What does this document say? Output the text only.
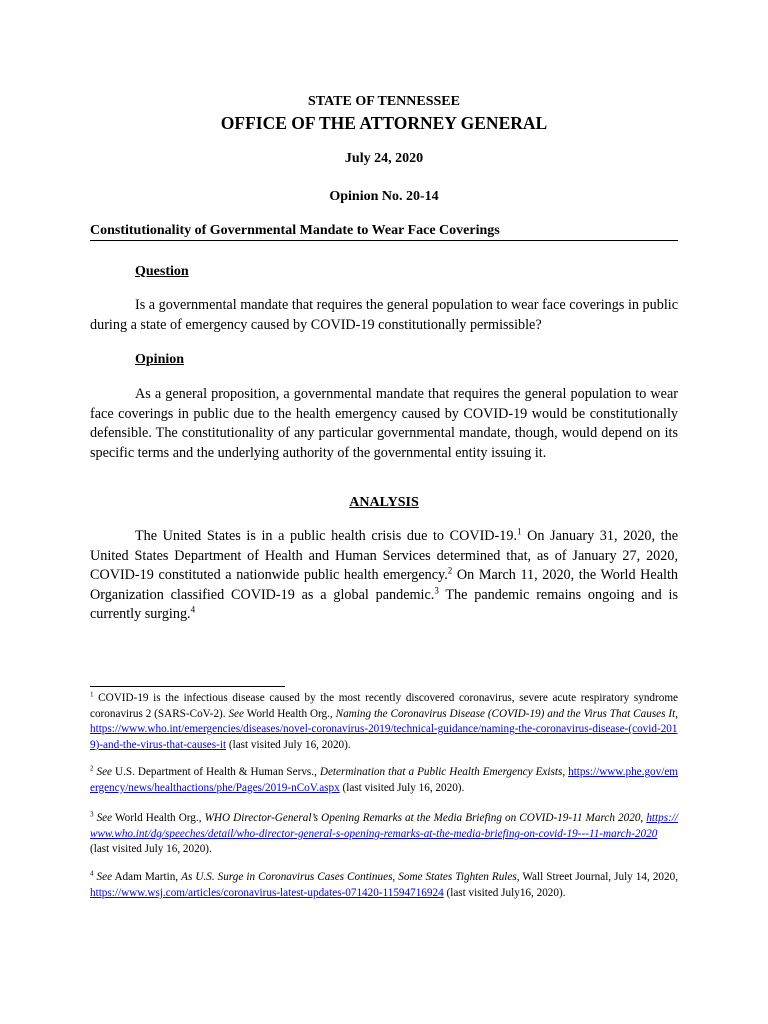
STATE OF TENNESSEE
OFFICE OF THE ATTORNEY GENERAL
July 24, 2020
Opinion No. 20-14
Constitutionality of Governmental Mandate to Wear Face Coverings
Question

Is a governmental mandate that requires the general population to wear face coverings in public during a state of emergency caused by COVID-19 constitutionally permissible?

Opinion

As a general proposition, a governmental mandate that requires the general population to wear face coverings in public due to the health emergency caused by COVID-19 would be constitutionally defensible. The constitutionality of any particular governmental mandate, though, would depend on its specific terms and the underlying authority of the governmental entity issuing it.

ANALYSIS

The United States is in a public health crisis due to COVID-19.$^1$ On January 31, 2020, the United States Department of Health and Human Services determined that, as of January 27, 2020, COVID-19 constituted a nationwide public health emergency.$^2$ On March 11, 2020, the World Health Organization classified COVID-19 as a global pandemic.$^3$ The pandemic remains ongoing and is currently surging.$^4$

$^1$ COVID-19 is the infectious disease caused by the most recently discovered coronavirus, severe acute respiratory syndrome coronavirus 2 (SARS-CoV-2). See World Health Org., Naming the Coronavirus Disease (COVID-19) and the Virus That Causes It, https://www.who.int/emergencies/diseases/novel-coronavirus-2019/technical-guidance/naming-the-coronavirus-disease-(covid-2019)-and-the-virus-that-causes-it (last visited July 16, 2020).

$^2$ See U.S. Department of Health & Human Servs., Determination that a Public Health Emergency Exists, https://www.phe.gov/emergency/news/healthactions/phe/Pages/2019-nCoV.aspx (last visited July 16, 2020).

$^3$ See World Health Org., WHO Director-General’s Opening Remarks at the Media Briefing on COVID-19-11 March 2020, https://www.who.int/dg/speeches/detail/who-director-general-s-opening-remarks-at-the-media-briefing-on-covid-19---11-march-2020 (last visited July 16, 2020).

$^4$ See Adam Martin, As U.S. Surge in Coronavirus Cases Continues, Some States Tighten Rules, Wall Street Journal, July 14, 2020, https://www.wsj.com/articles/coronavirus-latest-updates-071420-11594716924 (last visited July16, 2020).
